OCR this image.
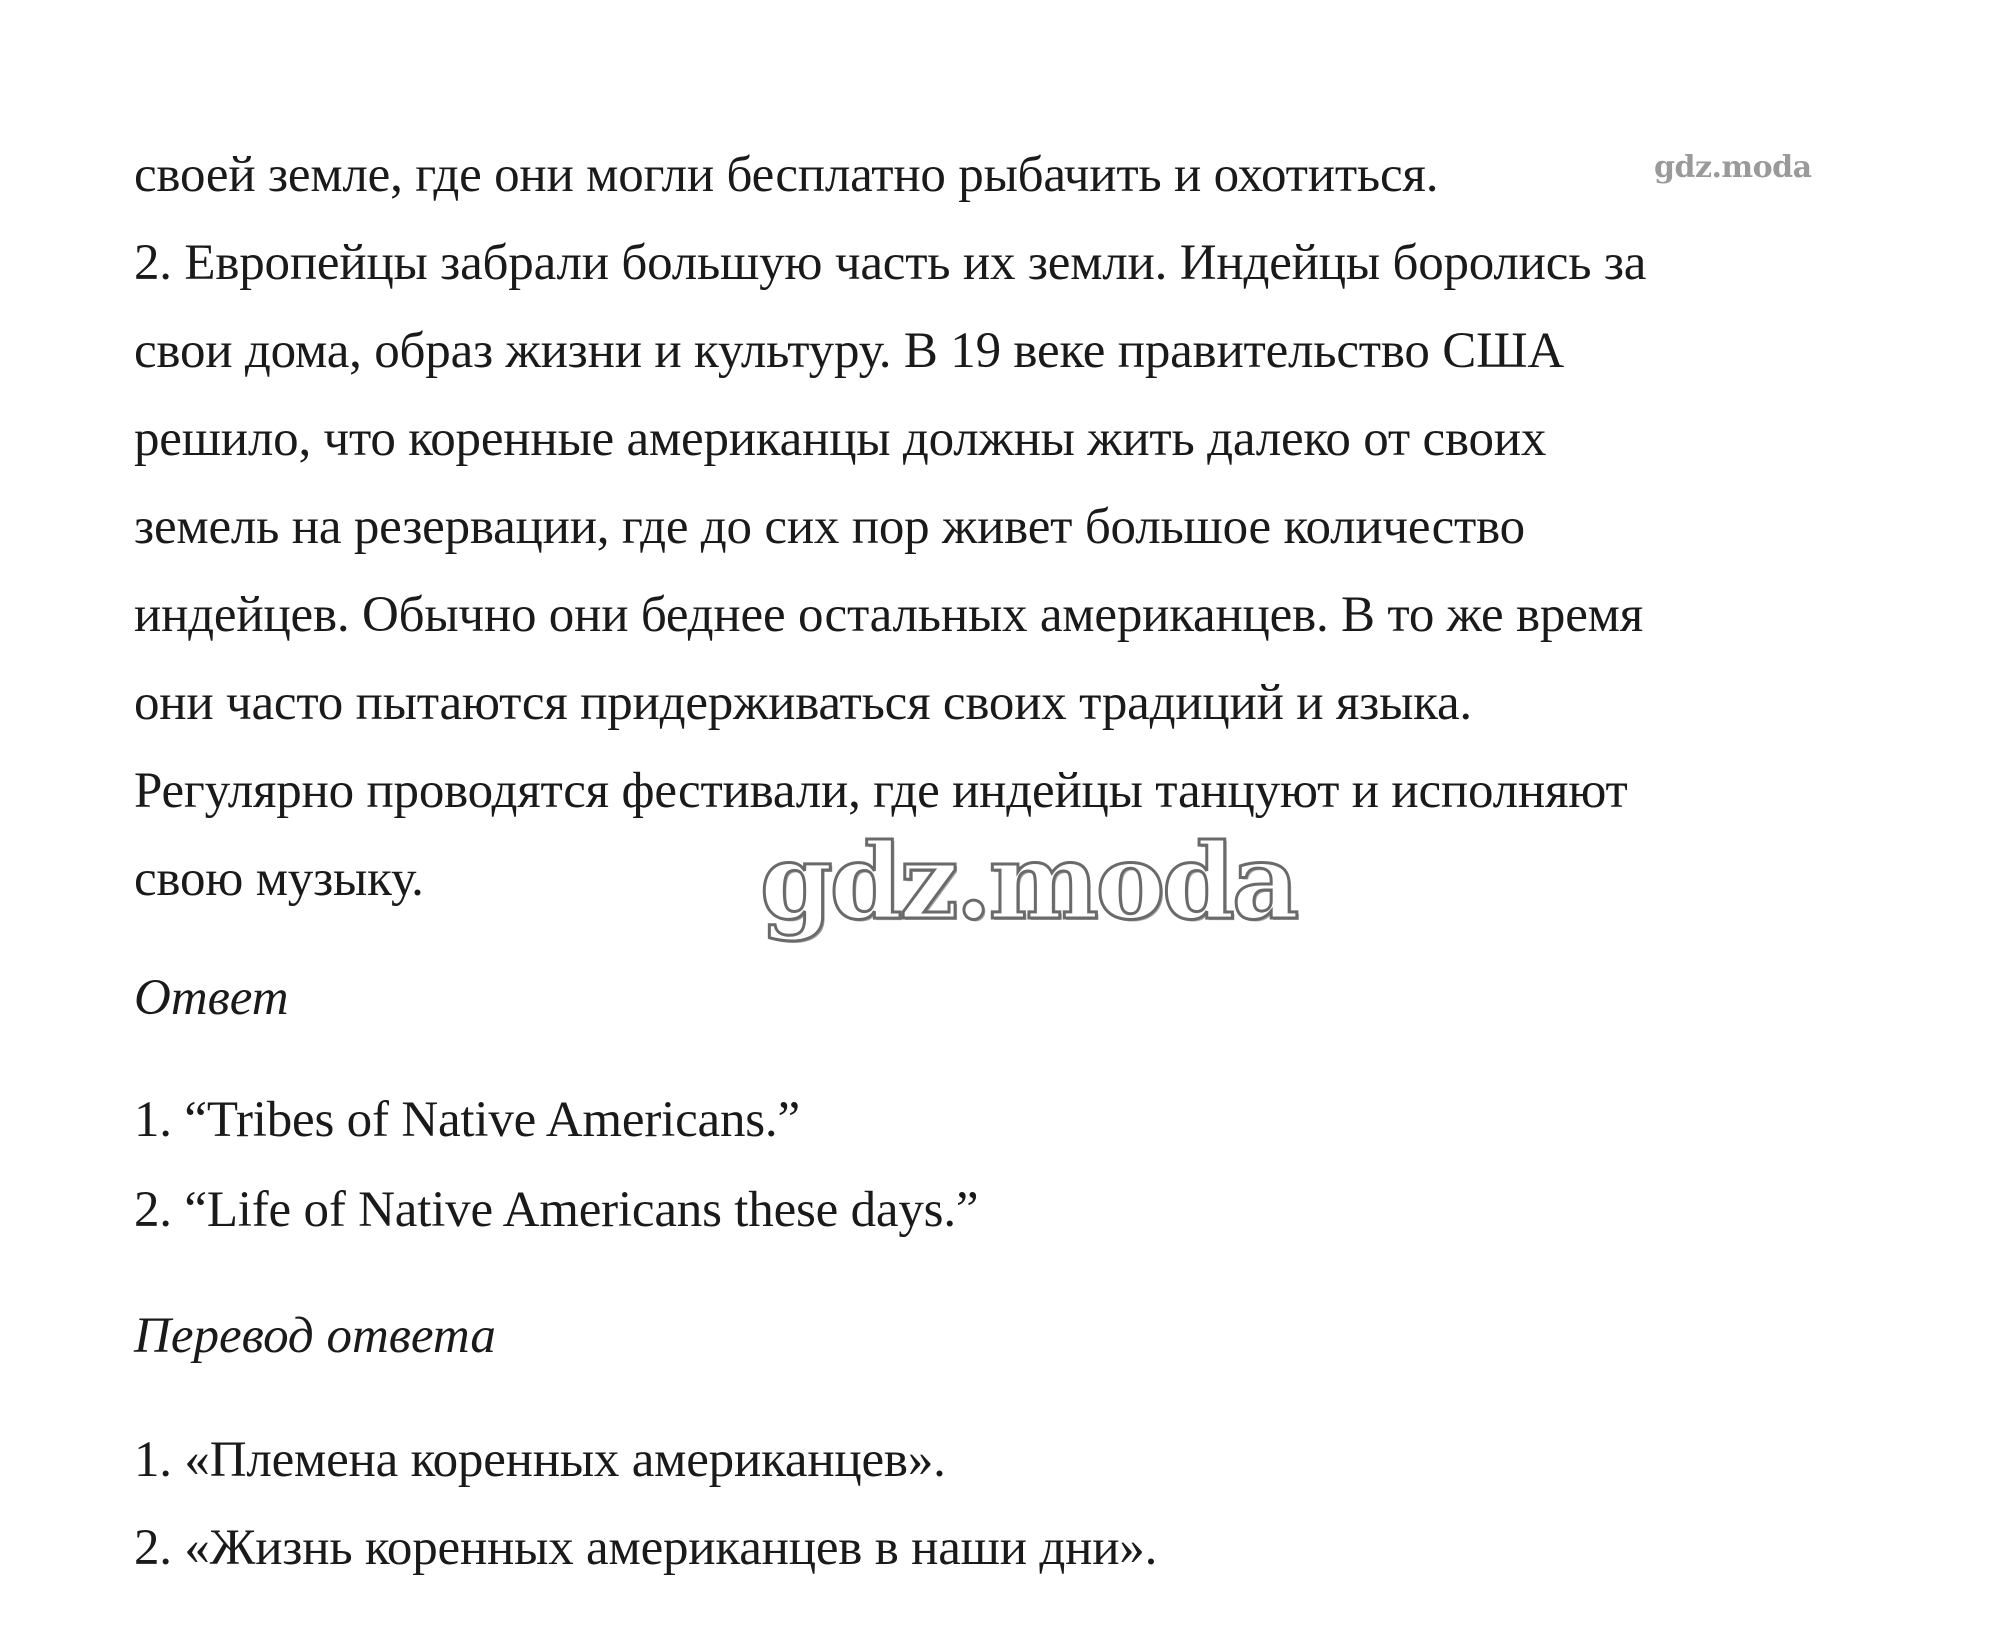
своей земле, где они могли бесплатно рыбачить и охотиться.	gdz.moda
2. Европейцы забрали большую часть их земли. Индейцы боролись за
свои дома, образ жизни и культуру. В 19 веке правительство США
решило, что коренные американцы должны жить далеко от своих
земель на резервации, где до сих пор живет большое количество
индейцев. Обычно они беднее остальных американцев. В то же время
они часто пытаются придерживаться своих традиций и языка.
Регулярно проводятся фестивали, где индейцы танцуют и исполняют
свою музыку.	gdz.moda
Ответ
1. “Tribes of Native Americans.”
2. “Life of Native Americans these days.”
Перевод ответа
1. «Племена коренных американцев».
2. «Жизнь коренных американцев в наши дни».
